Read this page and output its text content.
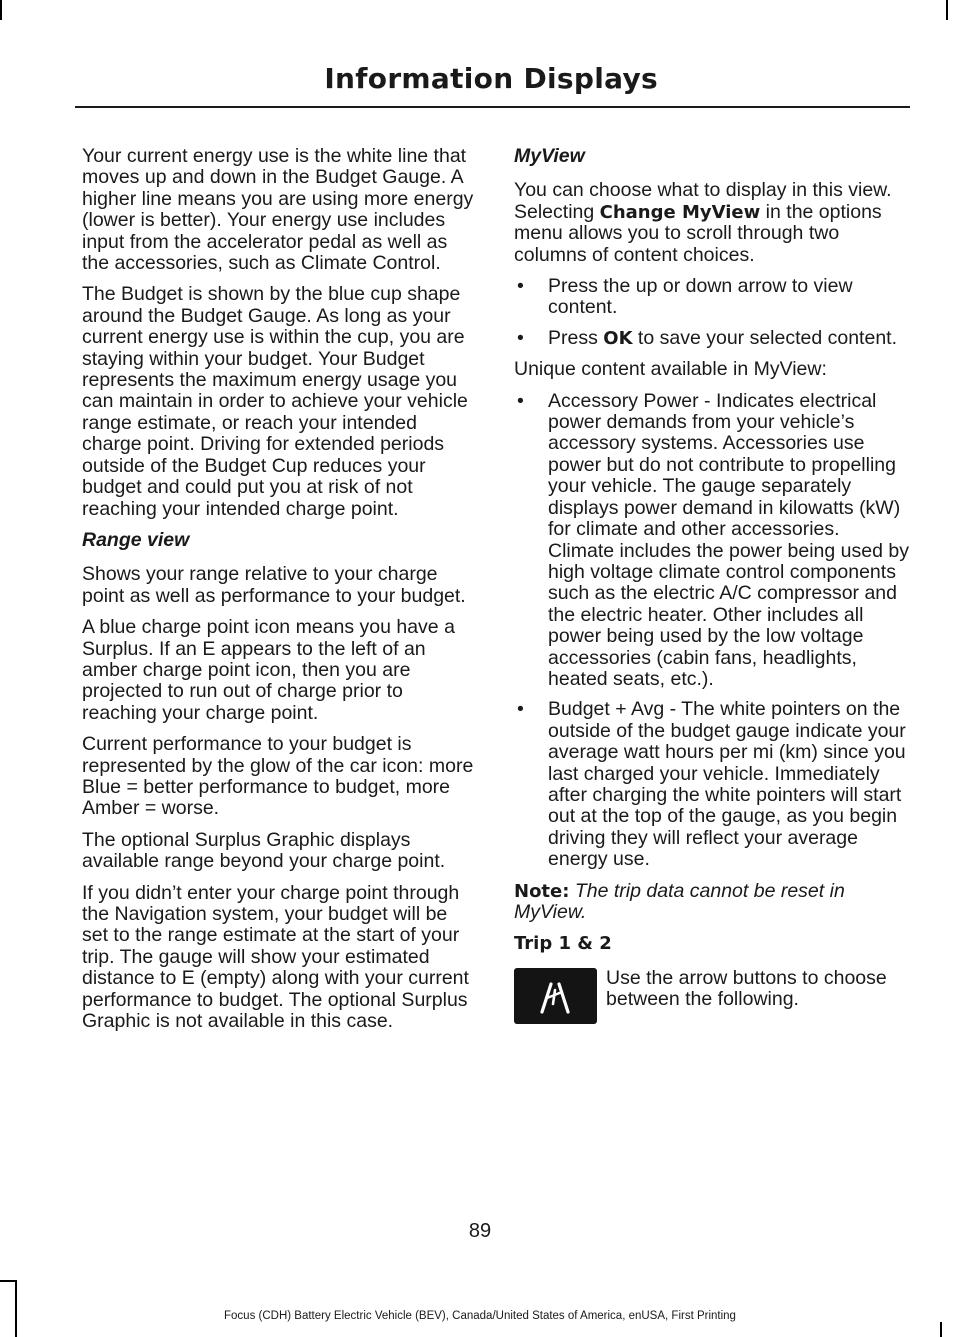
Information Displays

Your current energy use is the white line that moves up and down in the Budget Gauge. A higher line means you are using more energy (lower is better). Your energy use includes input from the accelerator pedal as well as the accessories, such as Climate Control.

The Budget is shown by the blue cup shape around the Budget Gauge. As long as your current energy use is within the cup, you are staying within your budget. Your Budget represents the maximum energy usage you can maintain in order to achieve your vehicle range estimate, or reach your intended charge point. Driving for extended periods outside of the Budget Cup reduces your budget and could put you at risk of not reaching your intended charge point.

Range view

Shows your range relative to your charge point as well as performance to your budget.

A blue charge point icon means you have a Surplus. If an E appears to the left of an amber charge point icon, then you are projected to run out of charge prior to reaching your charge point.

Current performance to your budget is represented by the glow of the car icon: more Blue = better performance to budget, more Amber = worse.

The optional Surplus Graphic displays available range beyond your charge point.

If you didn’t enter your charge point through the Navigation system, your budget will be set to the range estimate at the start of your trip. The gauge will show your estimated distance to E (empty) along with your current performance to budget. The optional Surplus Graphic is not available in this case.

MyView

You can choose what to display in this view. Selecting Change MyView in the options menu allows you to scroll through two columns of content choices.

• Press the up or down arrow to view content.
• Press OK to save your selected content.

Unique content available in MyView:

• Accessory Power - Indicates electrical power demands from your vehicle’s accessory systems. Accessories use power but do not contribute to propelling your vehicle. The gauge separately displays power demand in kilowatts (kW) for climate and other accessories. Climate includes the power being used by high voltage climate control components such as the electric A/C compressor and the electric heater. Other includes all power being used by the low voltage accessories (cabin fans, headlights, heated seats, etc.).
• Budget + Avg - The white pointers on the outside of the budget gauge indicate your average watt hours per mi (km) since you last charged your vehicle. Immediately after charging the white pointers will start out at the top of the gauge, as you begin driving they will reflect your average energy use.

Note: The trip data cannot be reset in MyView.

Trip 1 & 2

Use the arrow buttons to choose between the following.
89
Focus (CDH) Battery Electric Vehicle (BEV), Canada/United States of America, enUSA, First Printing
